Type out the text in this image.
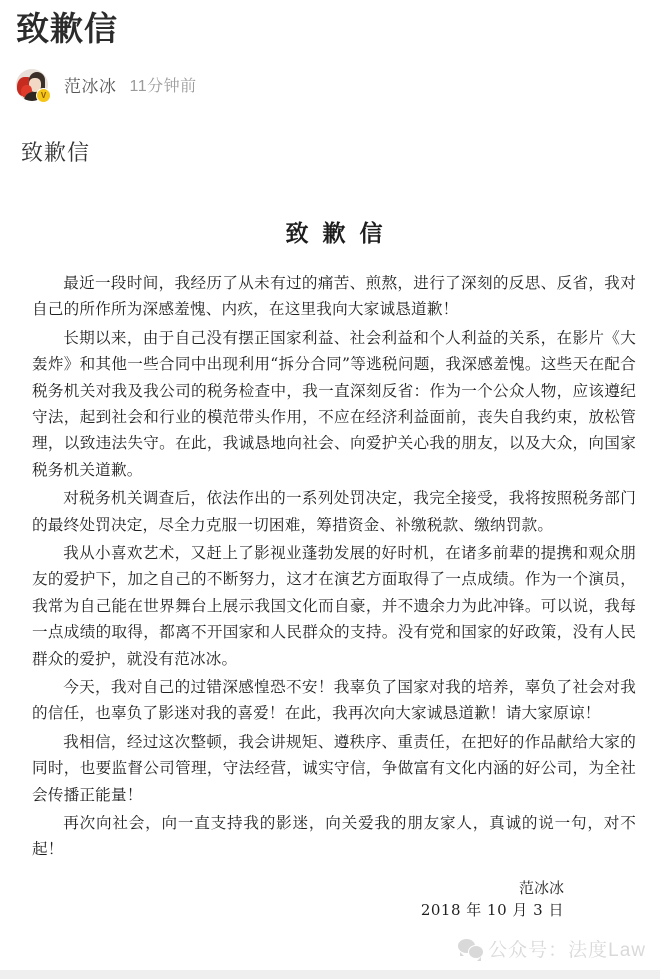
致歉信
V 范冰冰 11分钟前
致歉信
致歉信

最近一段时间，我经历了从未有过的痛苦、煎熬，进行了深刻的反思、反省，我对自己的所作所为深感羞愧、内疚，在这里我向大家诚恳道歉！

长期以来，由于自己没有摆正国家利益、社会利益和个人利益的关系，在影片《大轰炸》和其他一些合同中出现利用“拆分合同”等逃税问题，我深感羞愧。这些天在配合税务机关对我及我公司的税务检查中，我一直深刻反省：作为一个公众人物，应该遵纪守法，起到社会和行业的模范带头作用，不应在经济利益面前，丧失自我约束，放松管理，以致违法失守。在此，我诚恳地向社会、向爱护关心我的朋友，以及大众，向国家税务机关道歉。

对税务机关调查后，依法作出的一系列处罚决定，我完全接受，我将按照税务部门的最终处罚决定，尽全力克服一切困难，筹措资金、补缴税款、缴纳罚款。

我从小喜欢艺术，又赶上了影视业蓬勃发展的好时机，在诸多前辈的提携和观众朋友的爱护下，加之自己的不断努力，这才在演艺方面取得了一点成绩。作为一个演员，我常为自己能在世界舞台上展示我国文化而自豪，并不遗余力为此冲锋。可以说，我每一点成绩的取得，都离不开国家和人民群众的支持。没有党和国家的好政策，没有人民群众的爱护，就没有范冰冰。

今天，我对自己的过错深感惶恐不安！我辜负了国家对我的培养，辜负了社会对我的信任，也辜负了影迷对我的喜爱！在此，我再次向大家诚恳道歉！请大家原谅！

我相信，经过这次整顿，我会讲规矩、遵秩序、重责任，在把好的作品献给大家的同时，也要监督公司管理，守法经营，诚实守信，争做富有文化内涵的好公司，为全社会传播正能量！

再次向社会，向一直支持我的影迷，向关爱我的朋友家人，真诚的说一句，对不起！

范冰冰
2018 年 10 月 3 日
公众号：法度Law
